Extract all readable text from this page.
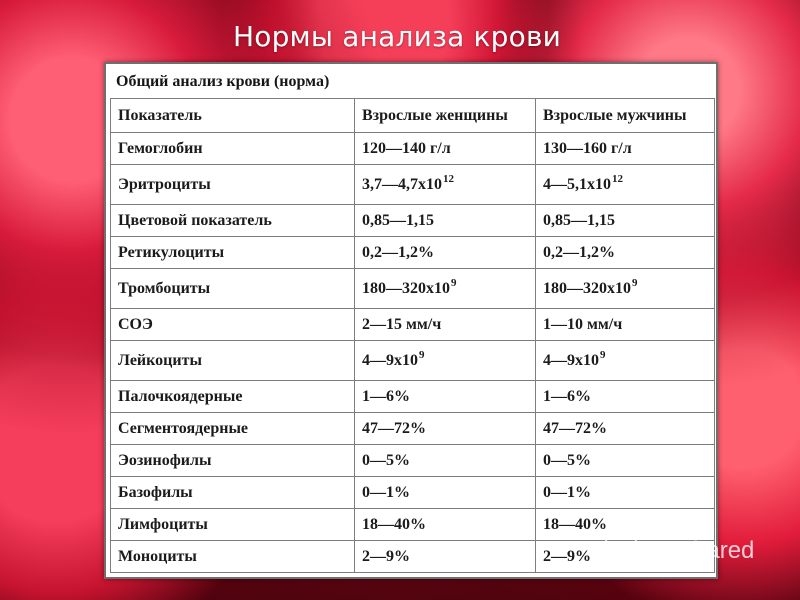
Нормы анализа крови
Общий анализ крови (норма)
Показатель	Взрослые женщины	Взрослые мужчины
Гемоглобин	120—140 г/л	130—160 г/л
Эритроциты	$3,7—4,7х10^{12}$	$4—5,1х10^{12}$
Цветовой показатель	0,85—1,15	0,85—1,15
Ретикулоциты	0,2—1,2%	0,2—1,2%
Тромбоциты	$180—320х10^9$	$180—320х10^9$
СОЭ	2—15 мм/ч	1—10 мм/ч
Лейкоциты	$4—9х10^9$	$4—9х10^9$
Палочкоядерные	1—6%	1—6%
Сегментоядерные	47—72%	47—72%
Эозинофилы	0—5%	0—5%
Базофилы	0—1%	0—1%
Лимфоциты	18—40%	18—40%
Моноциты	2—9%	2—9%	MyShared
